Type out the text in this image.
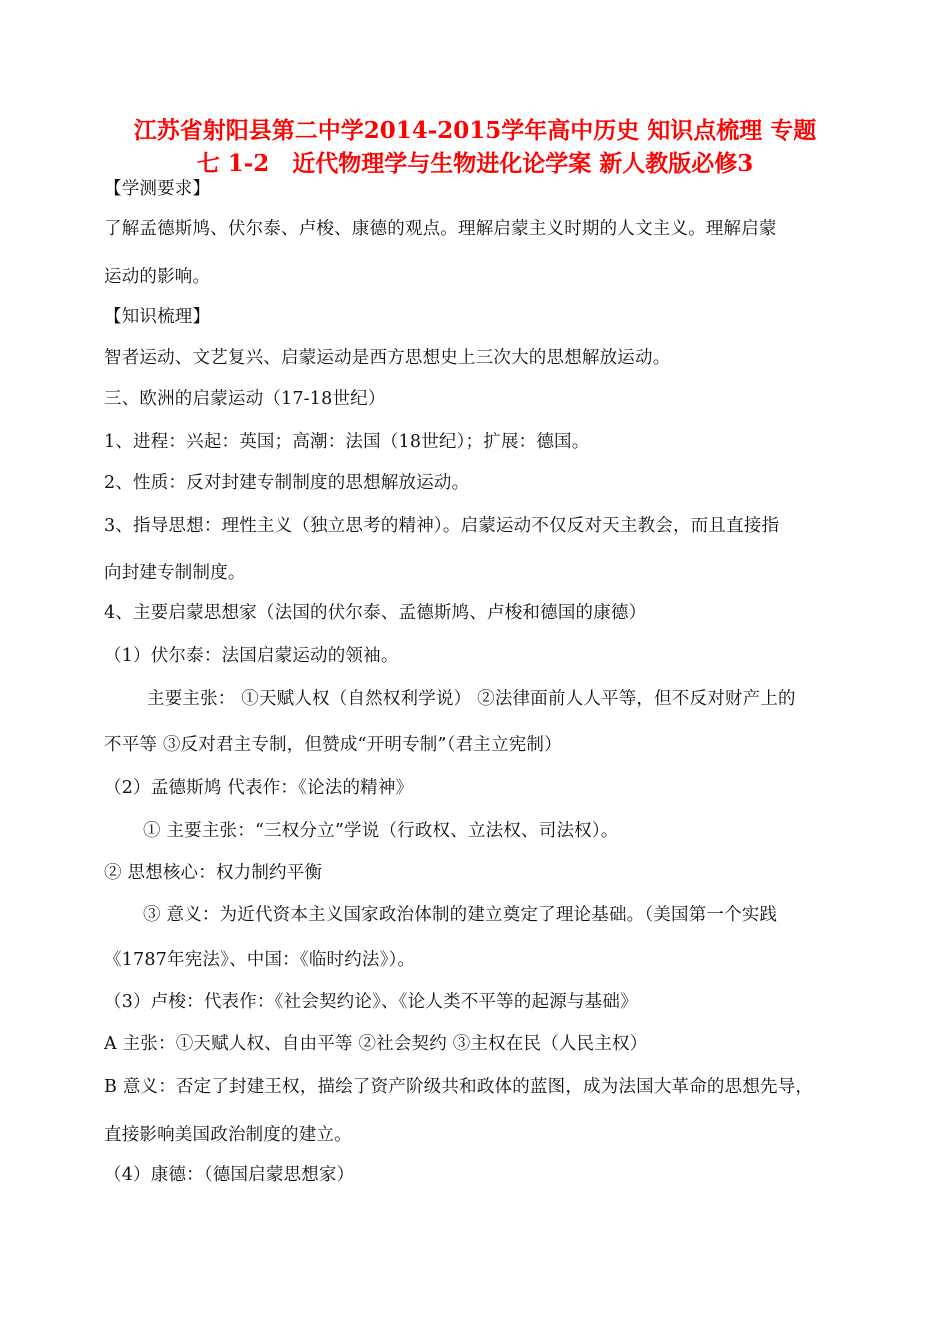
江苏省射阳县第二中学2014-2015学年高中历史 知识点梳理 专题
七 1-2　近代物理学与生物进化论学案 新人教版必修3
【学测要求】
了解孟德斯鸠、伏尔泰、卢梭、康德的观点。理解启蒙主义时期的人文主义。理解启蒙
运动的影响。
【知识梳理】
智者运动、文艺复兴、启蒙运动是西方思想史上三次大的思想解放运动。
三、欧洲的启蒙运动（17-18世纪）
1、进程：兴起：英国；高潮：法国（18世纪）；扩展：德国。
2、性质：反对封建专制制度的思想解放运动。
3、指导思想：理性主义（独立思考的精神）。启蒙运动不仅反对天主教会，而且直接指
向封建专制制度。
4、主要启蒙思想家（法国的伏尔泰、孟德斯鸠、卢梭和德国的康德）
（1）伏尔泰：法国启蒙运动的领袖。
主要主张： ①天赋人权（自然权利学说） ②法律面前人人平等，但不反对财产上的
不平等 ③反对君主专制，但赞成“开明专制”（君主立宪制）
（2）孟德斯鸠 代表作：《论法的精神》
① 主要主张：“三权分立”学说（行政权、立法权、司法权）。
② 思想核心：权力制约平衡
③ 意义：为近代资本主义国家政治体制的建立奠定了理论基础。（美国第一个实践
《1787年宪法》、中国：《临时约法》）。
（3）卢梭：代表作：《社会契约论》、《论人类不平等的起源与基础》
A 主张：①天赋人权、自由平等 ②社会契约 ③主权在民（人民主权）
B 意义：否定了封建王权，描绘了资产阶级共和政体的蓝图，成为法国大革命的思想先导，
直接影响美国政治制度的建立。
（4）康德：（德国启蒙思想家）
